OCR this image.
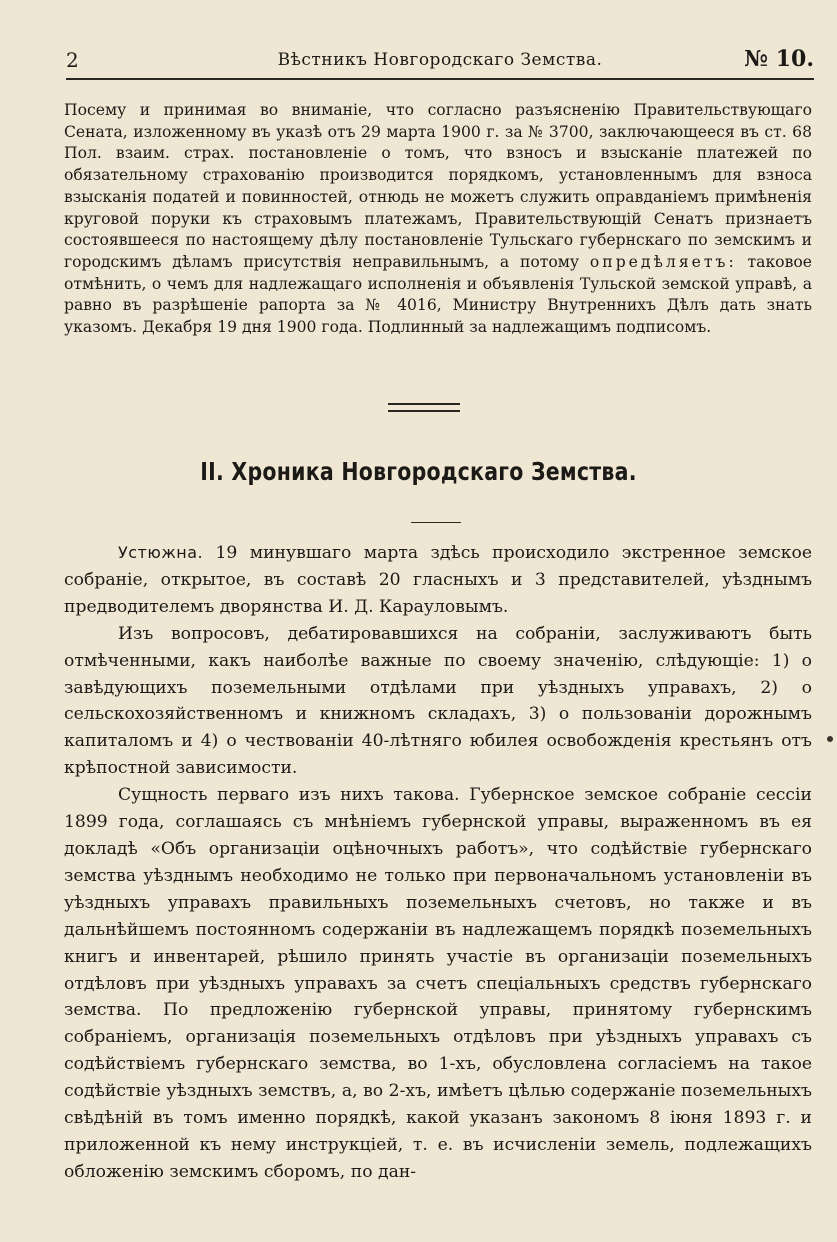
2	Вѣстникъ Новгородскаго Земства.	№ 10.

Посему и принимая во вниманіе, что согласно разъясненію Правительствующаго Сената, изложенному въ указѣ отъ 29 марта 1900 г. за № 3700, заключающееся въ ст. 68 Пол. взаим. страх. постановленіе о томъ, что взносъ и взысканіе платежей по обязательному страхованію производится порядкомъ, установленнымъ для взноса взысканія податей и повинностей, отнюдь не можетъ служить оправданіемъ примѣненія круговой поруки къ страховымъ платежамъ, Правительствующій Сенатъ признаетъ состоявшееся по настоящему дѣлу постановленіе Тульскаго губернскаго по земскимъ и городскимъ дѣламъ присутствія неправильнымъ, а потому опредѣляетъ: таковое отмѣнить, о чемъ для надлежащаго исполненія и объявленія Тульской земской управѣ, а равно въ разрѣшеніе рапорта за № 4016, Министру Внутреннихъ Дѣлъ дать знать указомъ. Декабря 19 дня 1900 года. Подлинный за надлежащимъ подписомъ.

II. Хроника Новгородскаго Земства.

Устюжна. 19 минувшаго марта здѣсь происходило экстренное земское собраніе, открытое, въ составѣ 20 гласныхъ и 3 представителей, уѣзднымъ предводителемъ дворянства И. Д. Карауловымъ.

Изъ вопросовъ, дебатировавшихся на собраніи, заслуживаютъ быть отмѣченными, какъ наиболѣе важные по своему значенію, слѣдующіе: 1) о завѣдующихъ поземельными отдѣлами при уѣздныхъ управахъ, 2) о сельскохозяйственномъ и книжномъ складахъ, 3) о пользованіи дорожнымъ капиталомъ и 4) о чествованіи 40-лѣтняго юбилея освобожденія крестьянъ отъ крѣпостной зависимости.

Сущность перваго изъ нихъ такова. Губернское земское собраніе сессіи 1899 года, соглашаясь съ мнѣніемъ губернской управы, выраженномъ въ ея докладѣ «Объ организаціи оцѣночныхъ работъ», что содѣйствіе губернскаго земства уѣзднымъ необходимо не только при первоначальномъ установленіи въ уѣздныхъ управахъ правильныхъ поземельныхъ счетовъ, но также и въ дальнѣйшемъ постоянномъ содержаніи въ надлежащемъ порядкѣ поземельныхъ книгъ и инвентарей, рѣшило принять участіе въ организаціи поземельныхъ отдѣловъ при уѣздныхъ управахъ за счетъ спеціальныхъ средствъ губернскаго земства. По предложенію губернской управы, принятому губернскимъ собраніемъ, организація поземельныхъ отдѣловъ при уѣздныхъ управахъ съ содѣйствіемъ губернскаго земства, во 1-хъ, обусловлена согласіемъ на такое содѣйствіе уѣздныхъ земствъ, а, во 2-хъ, имѣетъ цѣлью содержаніе поземельныхъ свѣдѣній въ томъ именно порядкѣ, какой указанъ закономъ 8 іюня 1893 г. и приложенной къ нему инструкціей, т. е. въ исчисленіи земель, подлежащихъ обложенію земскимъ сборомъ, по дан-
